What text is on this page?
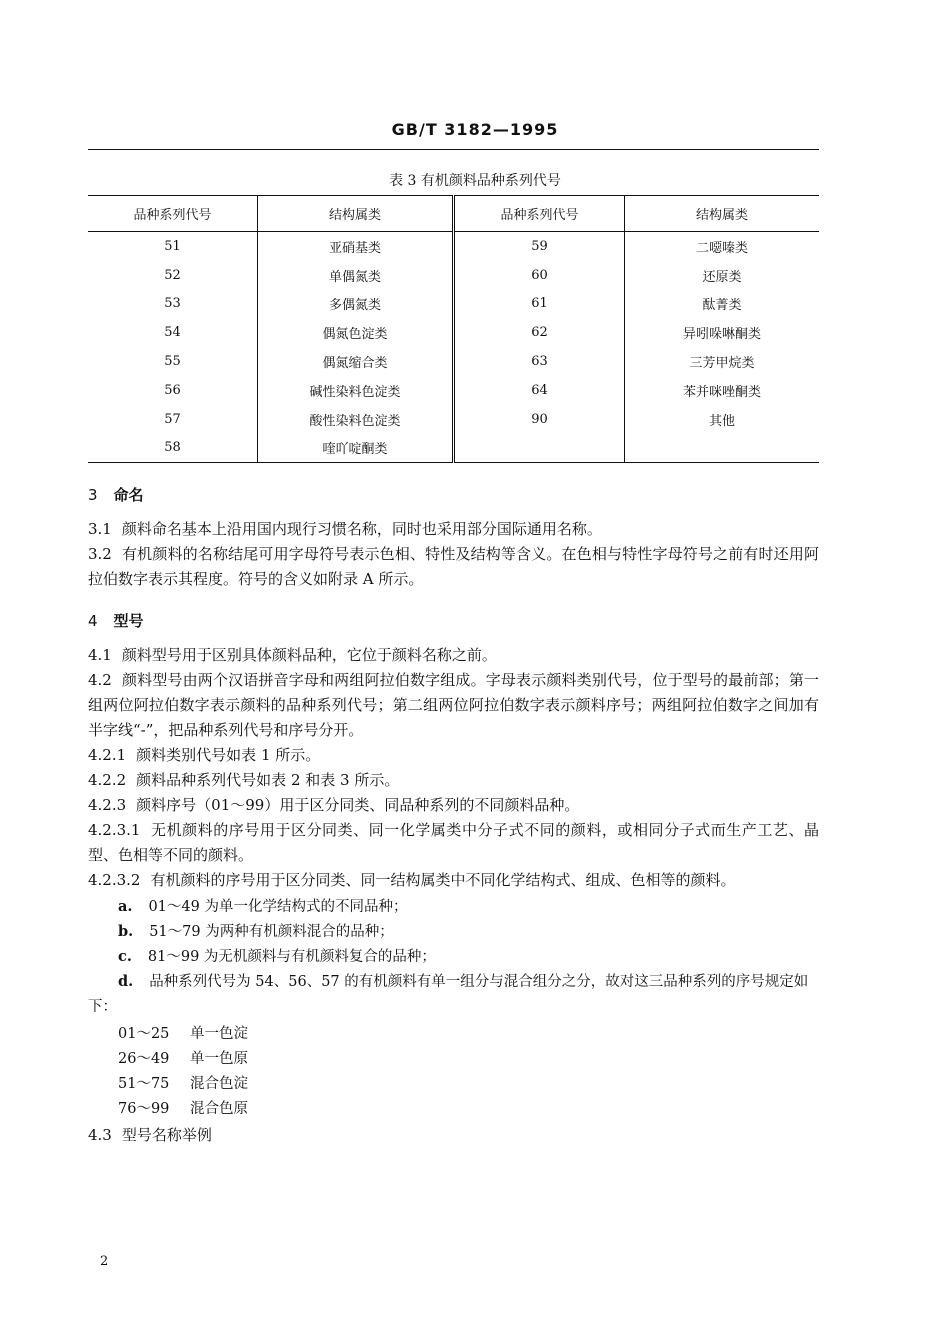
GB/T 3182—1995
表 3 有机颜料品种系列代号
品种系列代号	结构属类	品种系列代号	结构属类
51	亚硝基类	59	二噁嗪类
52	单偶氮类	60	还原类
53	多偶氮类	61	酞菁类
54	偶氮色淀类	62	异吲哚啉酮类
55	偶氮缩合类	63	三芳甲烷类
56	碱性染料色淀类	64	苯并咪唑酮类
57	酸性染料色淀类	90	其他
58	喹吖啶酮类		
3 命名
3.1 颜料命名基本上沿用国内现行习惯名称，同时也采用部分国际通用名称。
3.2 有机颜料的名称结尾可用字母符号表示色相、特性及结构等含义。在色相与特性字母符号之前有时还用阿拉伯数字表示其程度。符号的含义如附录 A 所示。
4 型号
4.1 颜料型号用于区别具体颜料品种，它位于颜料名称之前。
4.2 颜料型号由两个汉语拼音字母和两组阿拉伯数字组成。字母表示颜料类别代号，位于型号的最前部；第一组两位阿拉伯数字表示颜料的品种系列代号；第二组两位阿拉伯数字表示颜料序号；两组阿拉伯数字之间加有半字线“-”，把品种系列代号和序号分开。
4.2.1 颜料类别代号如表 1 所示。
4.2.2 颜料品种系列代号如表 2 和表 3 所示。
4.2.3 颜料序号（01～99）用于区分同类、同品种系列的不同颜料品种。
4.2.3.1 无机颜料的序号用于区分同类、同一化学属类中分子式不同的颜料，或相同分子式而生产工艺、晶型、色相等不同的颜料。
4.2.3.2 有机颜料的序号用于区分同类、同一结构属类中不同化学结构式、组成、色相等的颜料。
a. 01～49 为单一化学结构式的不同品种；
b. 51～79 为两种有机颜料混合的品种；
c. 81～99 为无机颜料与有机颜料复合的品种；
d. 品种系列代号为 54、56、57 的有机颜料有单一组分与混合组分之分，故对这三品种系列的序号规定如下：
01～25 单一色淀
26～49 单一色原
51～75 混合色淀
76～99 混合色原
4.3 型号名称举例
2
